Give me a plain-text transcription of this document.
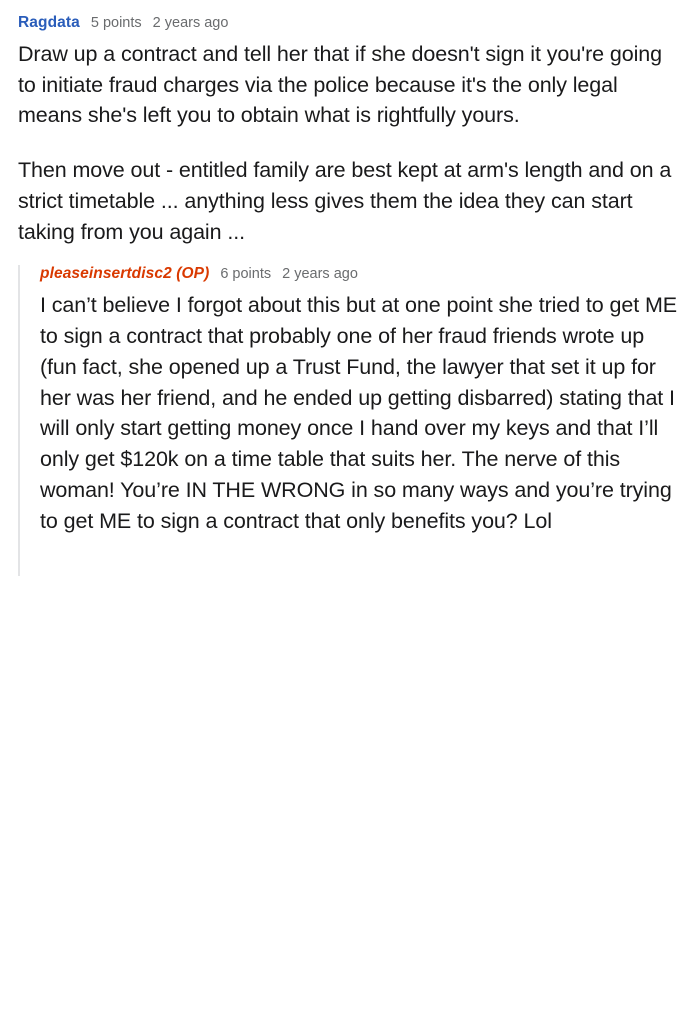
Ragdata 5 points 2 years ago

Draw up a contract and tell her that if she doesn't sign it you're going to initiate fraud charges via the police because it's the only legal means she's left you to obtain what is rightfully yours.

Then move out - entitled family are best kept at arm's length and on a strict timetable ... anything less gives them the idea they can start taking from you again ...

pleaseinsertdisc2 (OP) 6 points 2 years ago

I can’t believe I forgot about this but at one point she tried to get ME to sign a contract that probably one of her fraud friends wrote up (fun fact, she opened up a Trust Fund, the lawyer that set it up for her was her friend, and he ended up getting disbarred) stating that I will only start getting money once I hand over my keys and that I’ll only get $120k on a time table that suits her. The nerve of this woman! You’re IN THE WRONG in so many ways and you’re trying to get ME to sign a contract that only benefits you? Lol
